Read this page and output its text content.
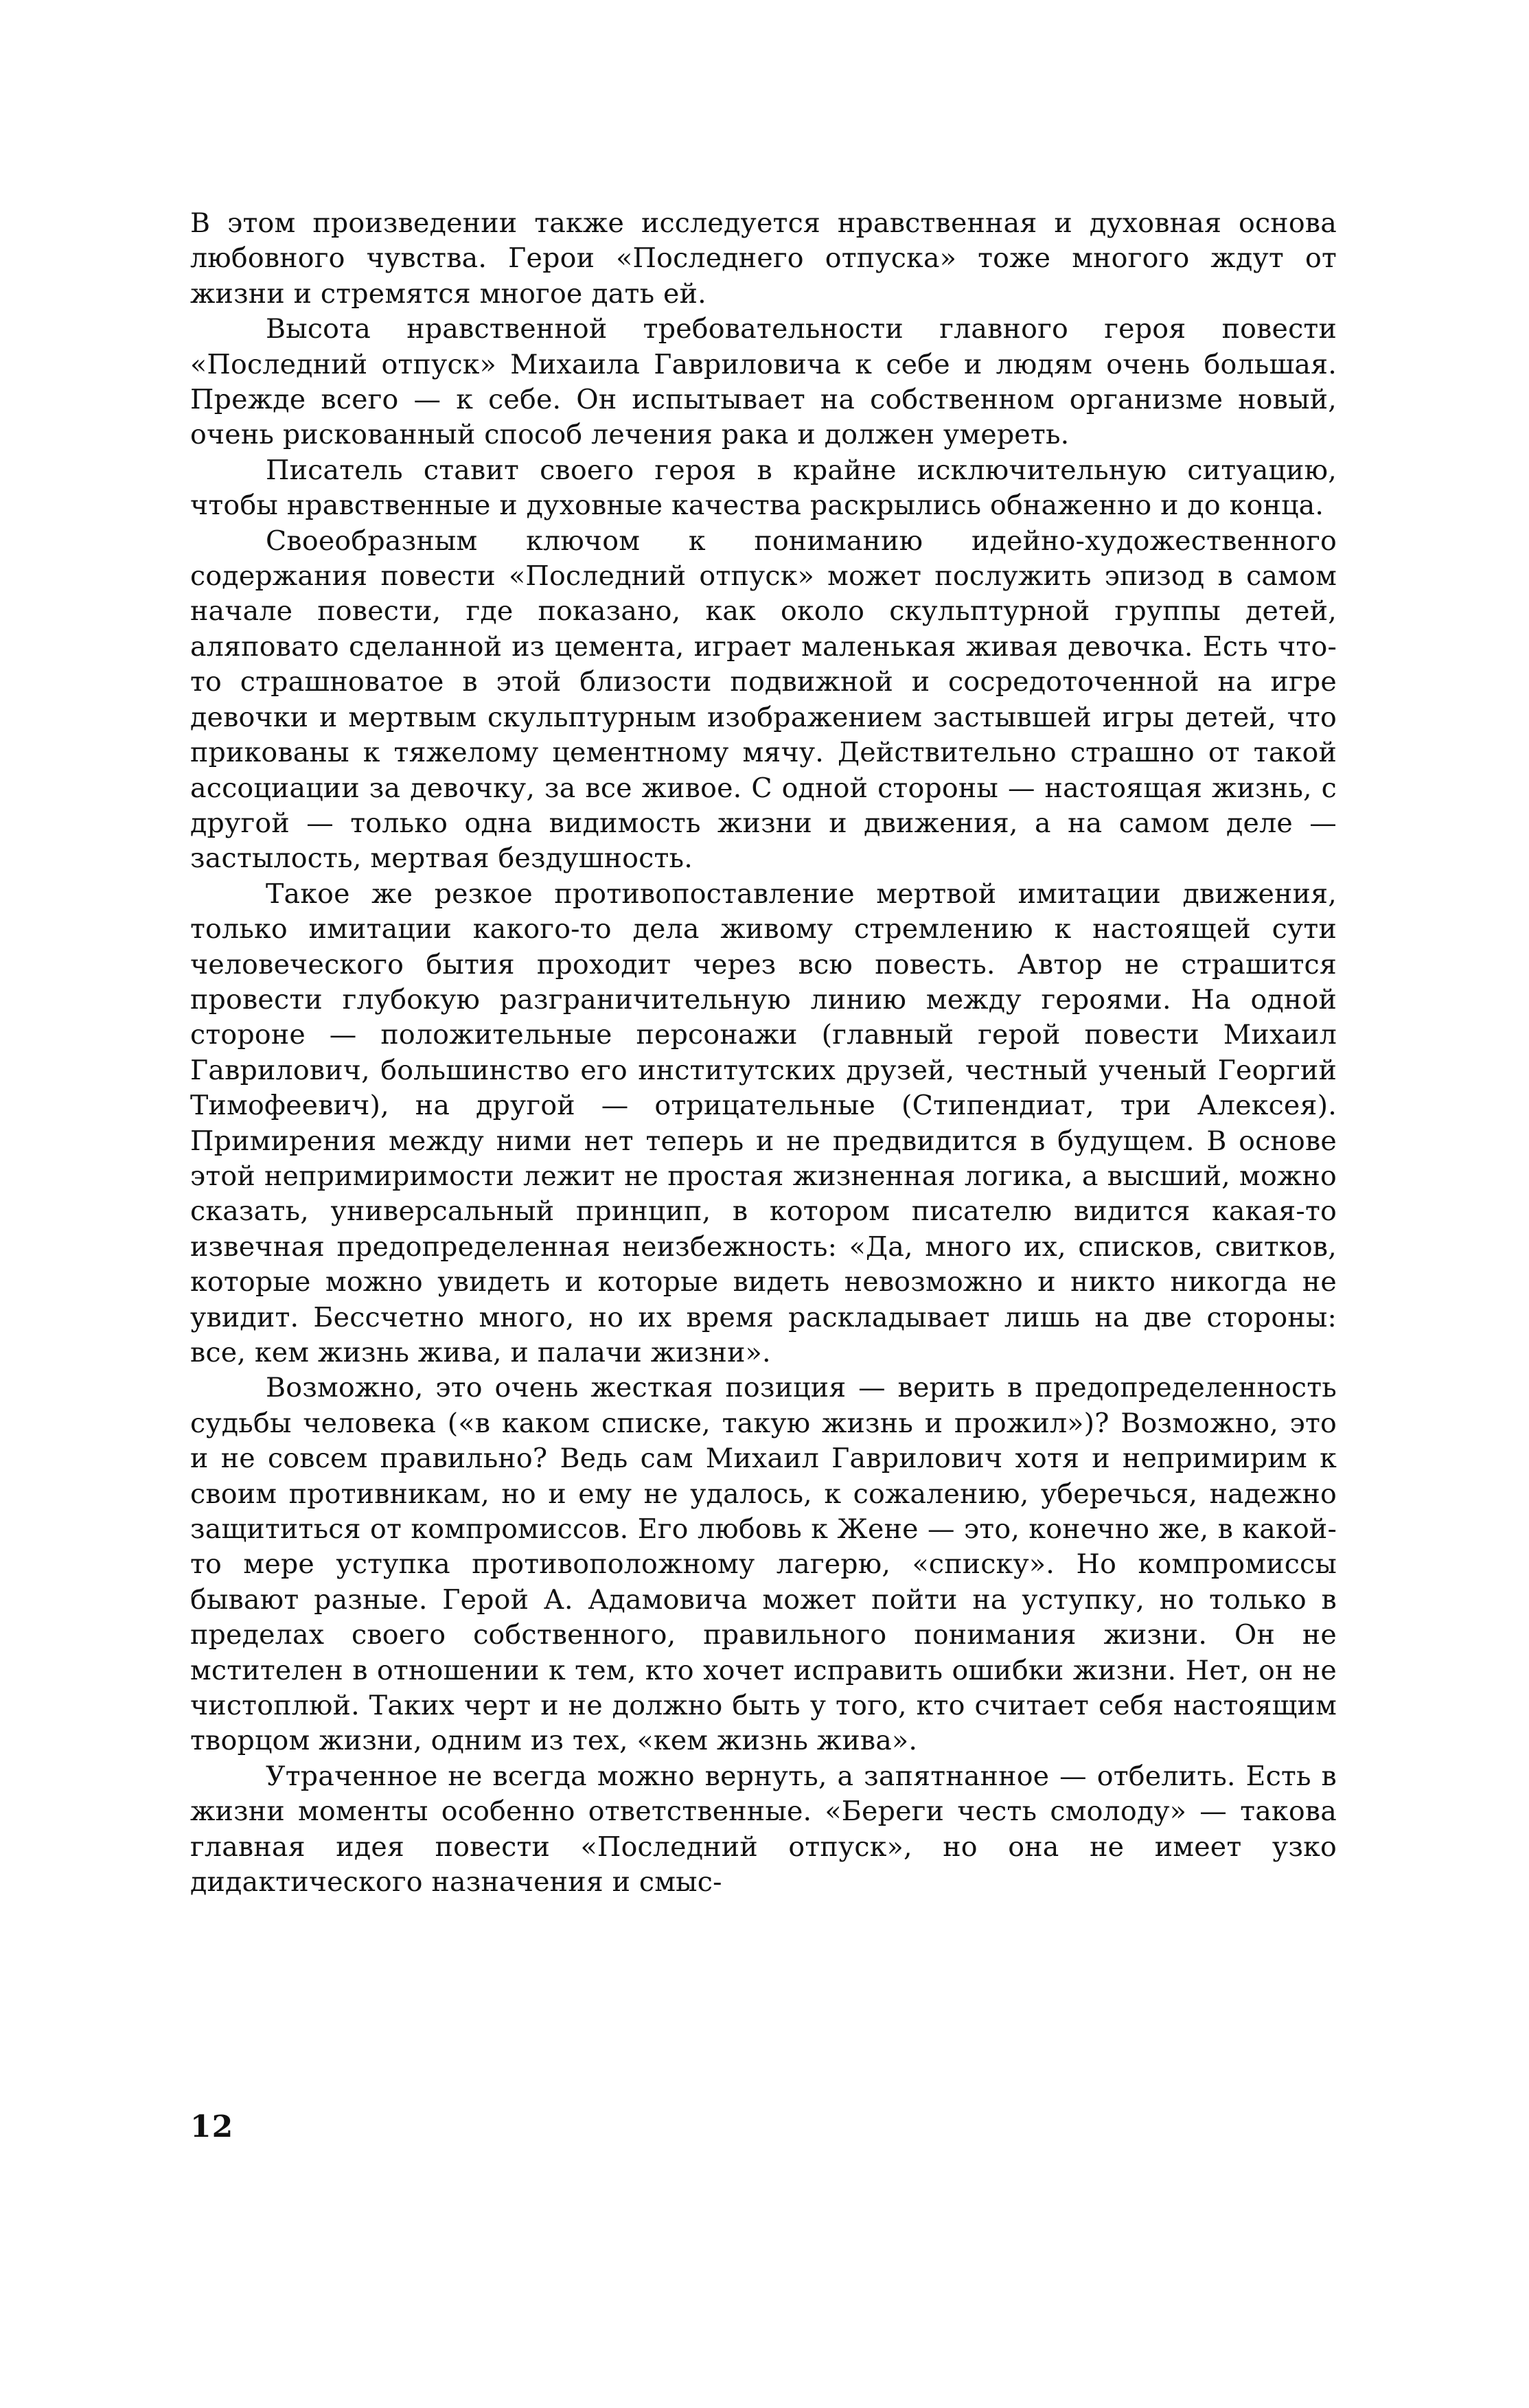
В этом произведении также исследуется нравственная и духовная основа любовного чувства. Герои «Последнего отпуска» тоже многого ждут от жизни и стремятся многое дать ей.

Высота нравственной требовательности главного героя повести «Последний отпуск» Михаила Гавриловича к себе и людям очень большая. Прежде всего — к себе. Он испытывает на собственном организме новый, очень рискованный способ лечения рака и должен умереть.

Писатель ставит своего героя в крайне исключительную ситуацию, чтобы нравственные и духовные качества раскрылись обнаженно и до конца.

Своеобразным ключом к пониманию идейно-художественного содержания повести «Последний отпуск» может послужить эпизод в самом начале повести, где показано, как около скульптурной группы детей, аляповато сделанной из цемента, играет маленькая живая девочка. Есть что-то страшноватое в этой близости подвижной и сосредоточенной на игре девочки и мертвым скульптурным изображением застывшей игры детей, что прикованы к тяжелому цементному мячу. Действительно страшно от такой ассоциации за девочку, за все живое. С одной стороны — настоящая жизнь, с другой — только одна видимость жизни и движения, а на самом деле — застылость, мертвая бездушность.

Такое же резкое противопоставление мертвой имитации движения, только имитации какого-то дела живому стремлению к настоящей сути человеческого бытия проходит через всю повесть. Автор не страшится провести глубокую разграничительную линию между героями. На одной стороне — положительные персонажи (главный герой повести Михаил Гаврилович, большинство его институтских друзей, честный ученый Георгий Тимофеевич), на другой — отрицательные (Стипендиат, три Алексея). Примирения между ними нет теперь и не предвидится в будущем. В основе этой непримиримости лежит не простая жизненная логика, а высший, можно сказать, универсальный принцип, в котором писателю видится какая-то извечная предопределенная неизбежность: «Да, много их, списков, свитков, которые можно увидеть и которые видеть невозможно и никто никогда не увидит. Бессчетно много, но их время раскладывает лишь на две стороны: все, кем жизнь жива, и палачи жизни».

Возможно, это очень жесткая позиция — верить в предопределенность судьбы человека («в каком списке, такую жизнь и прожил»)? Возможно, это и не совсем правильно? Ведь сам Михаил Гаврилович хотя и непримирим к своим противникам, но и ему не удалось, к сожалению, уберечься, надежно защититься от компромиссов. Его любовь к Жене — это, конечно же, в какой-то мере уступка противоположному лагерю, «списку». Но компромиссы бывают разные. Герой А. Адамовича может пойти на уступку, но только в пределах своего собственного, правильного понимания жизни. Он не мстителен в отношении к тем, кто хочет исправить ошибки жизни. Нет, он не чистоплюй. Таких черт и не должно быть у того, кто считает себя настоящим творцом жизни, одним из тех, «кем жизнь жива».

Утраченное не всегда можно вернуть, а запятнанное — отбелить. Есть в жизни моменты особенно ответственные. «Береги честь смолоду» — такова главная идея повести «Последний отпуск», но она не имеет узко дидактического назначения и смыс-

12
